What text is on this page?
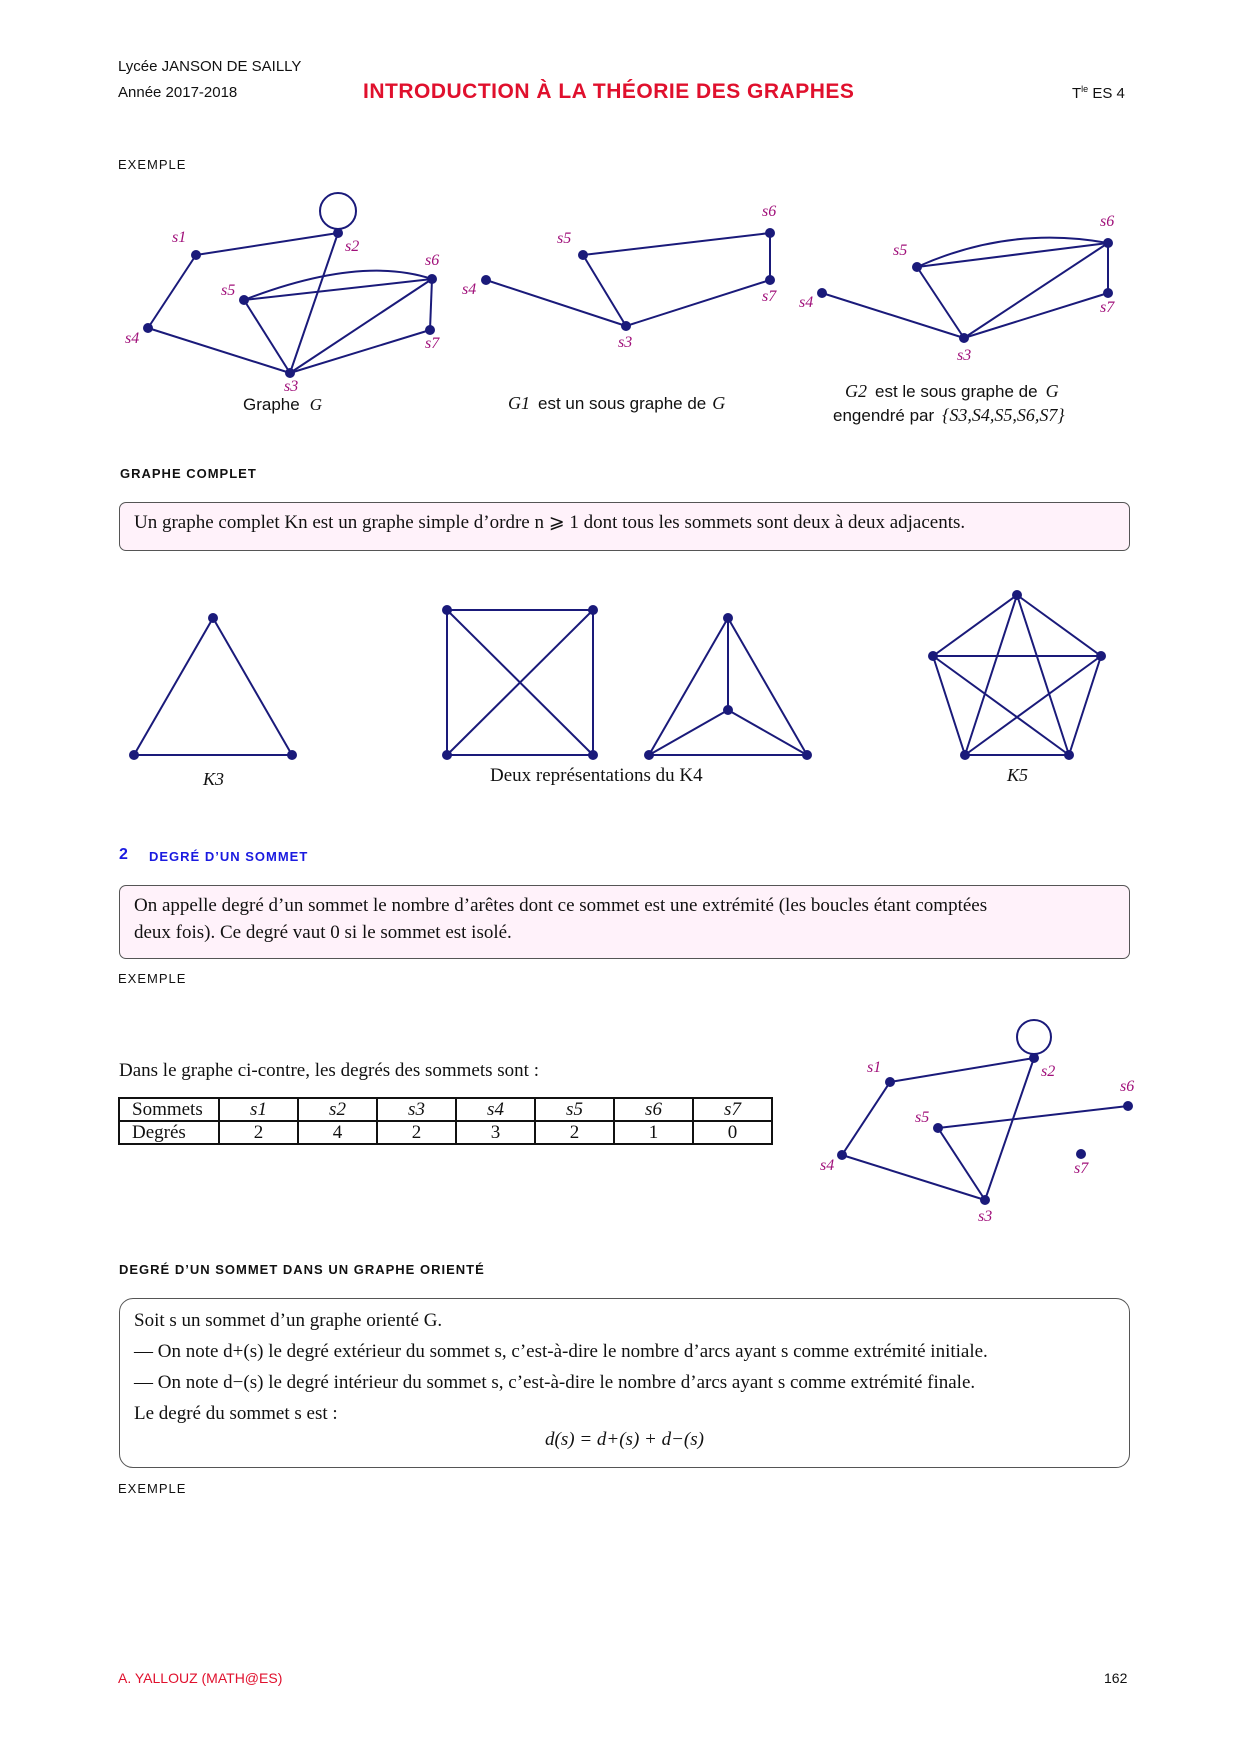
Lycée JANSON DE SAILLY
Année 2017-2018	INTRODUCTION À LA THÉORIE DES GRAPHES	$T^{le}$ ES 4
EXEMPLE
s1
s2
s4
s5
s6
s7
s3
Graphe G
s6
s5
s4	s7
s3
G1 est un sous graphe de G
s6
s5
s4	s7
s3
G2 est le sous graphe de G
engendré par {S3,S4,S5,S6,S7}
GRAPHE COMPLET
Un graphe complet Kn est un graphe simple d’ordre n ⩾ 1 dont tous les sommets sont deux à deux adjacents.
K3	Deux représentations du K4	K5
2 DEGRÉ D’UN SOMMET
On appelle degré d’un sommet le nombre d’arêtes dont ce sommet est une extrémité (les boucles étant comptées
deux fois). Ce degré vaut 0 si le sommet est isolé.
EXEMPLE
Dans le graphe ci-contre, les degrés des sommets sont :
Sommets	s1	s2	s3	s4	s5	s6	s7
Degrés	2	4	2	3	2	1	0
s1	s2
s6
s5
s4	s7
s3
DEGRÉ D’UN SOMMET DANS UN GRAPHE ORIENTÉ
Soit s un sommet d’un graphe orienté G.
— On note d+(s) le degré extérieur du sommet s, c’est-à-dire le nombre d’arcs ayant s comme extrémité initiale.
— On note d−(s) le degré intérieur du sommet s, c’est-à-dire le nombre d’arcs ayant s comme extrémité finale.
Le degré du sommet s est :
d(s) = d+(s) + d−(s)
EXEMPLE
A. YALLOUZ (MATH@ES)	162
